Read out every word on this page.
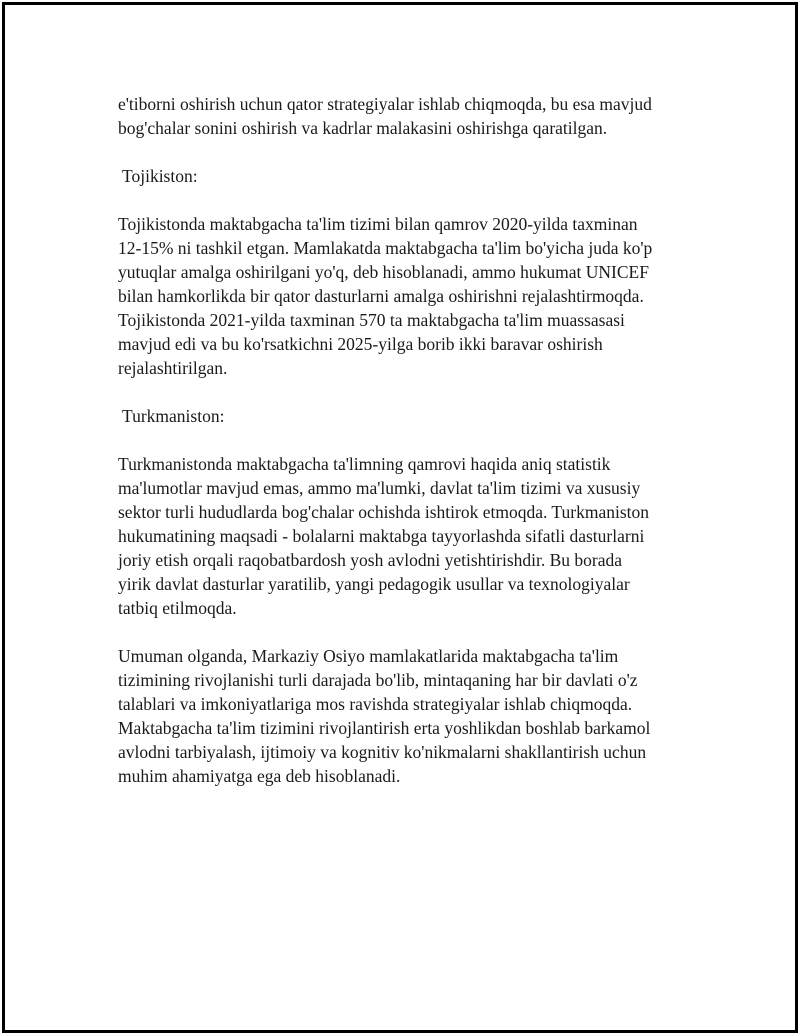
e'tiborni oshirish uchun qator strategiyalar ishlab chiqmoqda, bu esa mavjud
bog'chalar sonini oshirish va kadrlar malakasini oshirishga qaratilgan.

Tojikiston:

Tojikistonda maktabgacha ta'lim tizimi bilan qamrov 2020-yilda taxminan
12-15% ni tashkil etgan. Mamlakatda maktabgacha ta'lim bo'yicha juda ko'p
yutuqlar amalga oshirilgani yo'q, deb hisoblanadi, ammo hukumat UNICEF
bilan hamkorlikda bir qator dasturlarni amalga oshirishni rejalashtirmoqda.
Tojikistonda 2021-yilda taxminan 570 ta maktabgacha ta'lim muassasasi
mavjud edi va bu ko'rsatkichni 2025-yilga borib ikki baravar oshirish
rejalashtirilgan.

Turkmaniston:

Turkmanistonda maktabgacha ta'limning qamrovi haqida aniq statistik
ma'lumotlar mavjud emas, ammo ma'lumki, davlat ta'lim tizimi va xususiy
sektor turli hududlarda bog'chalar ochishda ishtirok etmoqda. Turkmaniston
hukumatining maqsadi - bolalarni maktabga tayyorlashda sifatli dasturlarni
joriy etish orqali raqobatbardosh yosh avlodni yetishtirishdir. Bu borada
yirik davlat dasturlar yaratilib, yangi pedagogik usullar va texnologiyalar
tatbiq etilmoqda.

Umuman olganda, Markaziy Osiyo mamlakatlarida maktabgacha ta'lim
tizimining rivojlanishi turli darajada bo'lib, mintaqaning har bir davlati o'z
talablari va imkoniyatlariga mos ravishda strategiyalar ishlab chiqmoqda.
Maktabgacha ta'lim tizimini rivojlantirish erta yoshlikdan boshlab barkamol
avlodni tarbiyalash, ijtimoiy va kognitiv ko'nikmalarni shakllantirish uchun
muhim ahamiyatga ega deb hisoblanadi.
